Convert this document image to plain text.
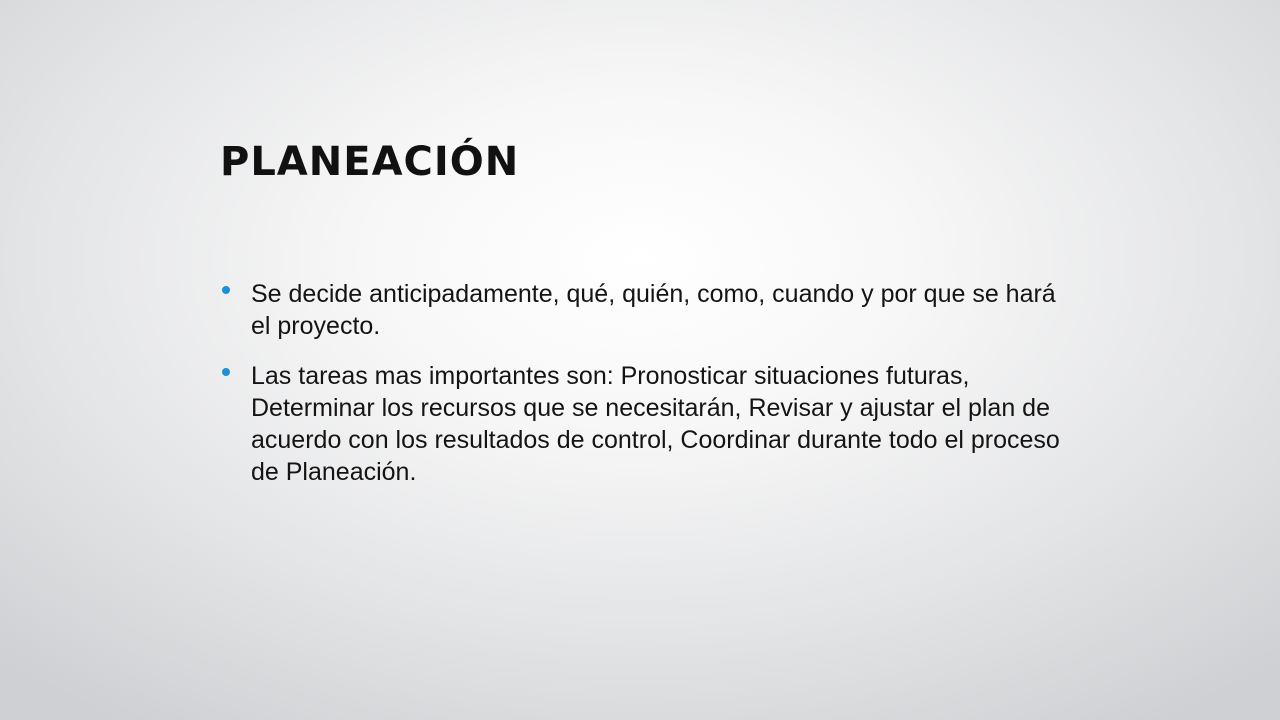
PLANEACIÓN
Se decide anticipadamente, qué, quién, como, cuando y por que se hará el proyecto.
Las tareas mas importantes son: Pronosticar situaciones futuras, Determinar los recursos que se necesitarán, Revisar y ajustar el plan de acuerdo con los resultados de control, Coordinar durante todo el proceso de Planeación.
